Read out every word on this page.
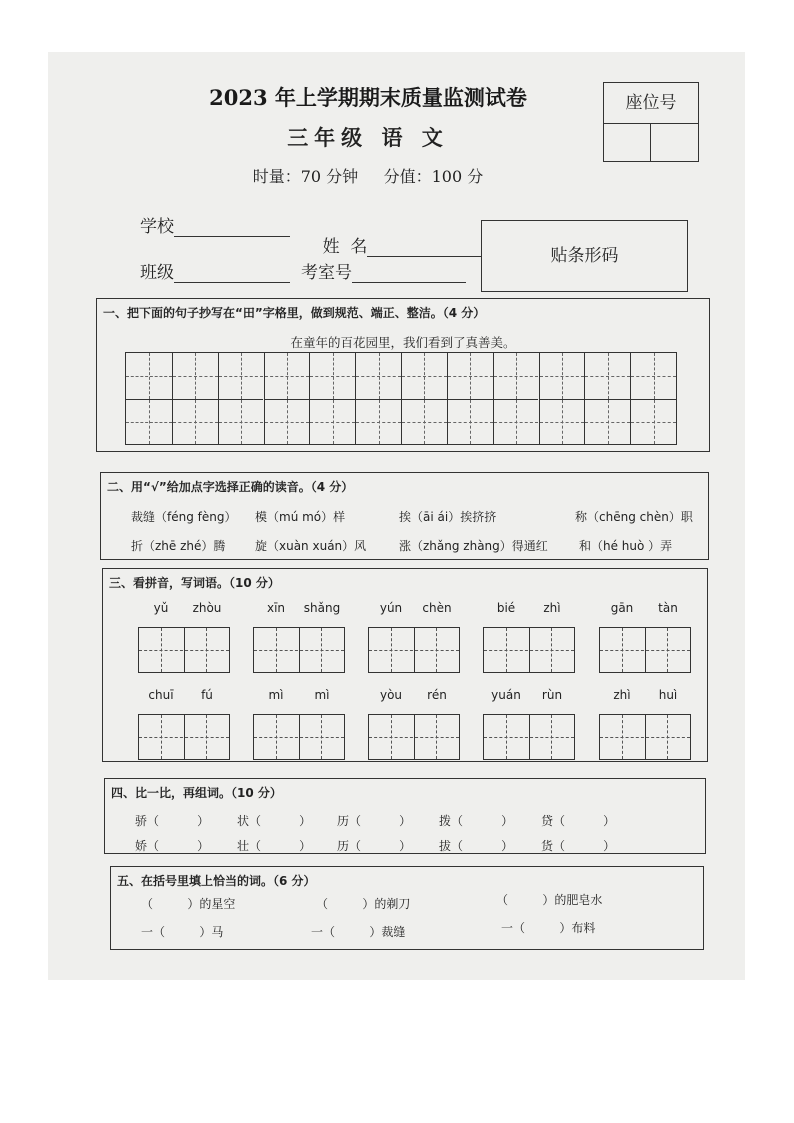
2023 年上学期期末质量监测试卷
三年级 语 文
时量：70 分钟     分值：100 分
座位号
学校

姓  名

班级	考室号
贴条形码
一、把下面的句子抄写在“田”字格里，做到规范、端正、整洁。（4 分）
在童年的百花园里，我们看到了真善美。
二、用“√”给加点字选择正确的读音。（4 分）
裁缝（féng fèng） 模（mú mó）样	挨（āi ái）挨挤挤	称（chēng chèn）职
折（zhē zhé）腾 旋（xuàn xuán）风	涨（zhǎng zhàng）得通红	和（hé huò ）弄
三、看拼音，写词语。（10 分）
yǔ	zhòu	xīn	shǎng	yún	chèn	bié	zhì	gān	tàn
chuī	fú	mì	mì	yòu	rén	yuán	rùn	zhì	huì
四、比一比，再组词。（10 分）
骄（          ） 状（          ） 历（          ） 拨（          ） 贷（          ）
娇（          ） 壮（          ） 历（          ） 拔（          ） 货（          ）
五、在括号里填上恰当的词。（6 分）
（         ）的星空	（         ）的剃刀	（         ）的肥皂水
一（         ）马	一（         ）裁缝	一（         ）布料
